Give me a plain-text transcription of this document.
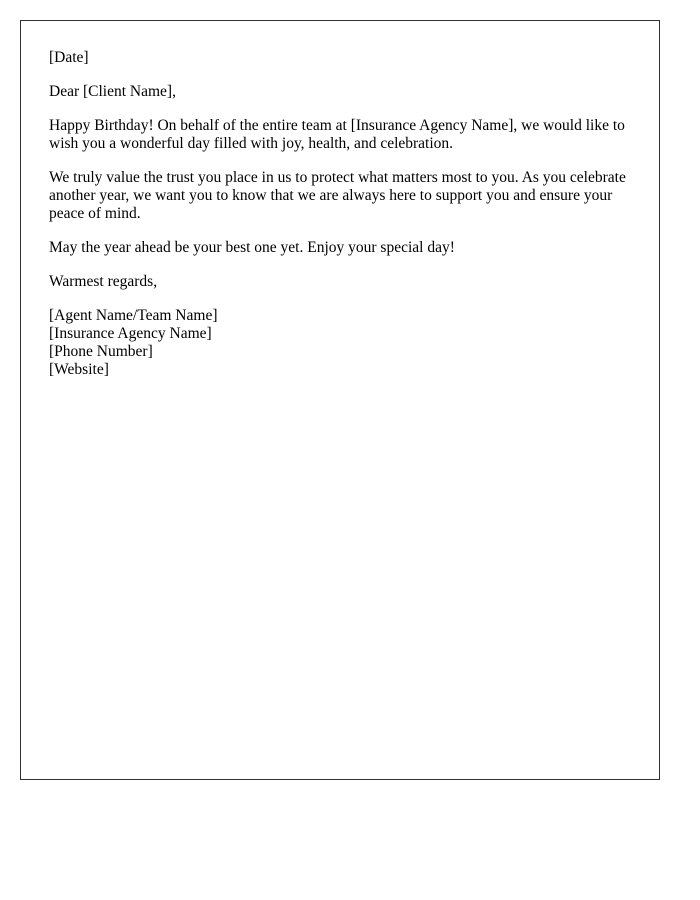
[Date]

Dear [Client Name],

Happy Birthday! On behalf of the entire team at [Insurance Agency Name], we would like to wish you a wonderful day filled with joy, health, and celebration.

We truly value the trust you place in us to protect what matters most to you. As you celebrate another year, we want you to know that we are always here to support you and ensure your peace of mind.

May the year ahead be your best one yet. Enjoy your special day!

Warmest regards,

[Agent Name/Team Name]
[Insurance Agency Name]
[Phone Number]
[Website]
